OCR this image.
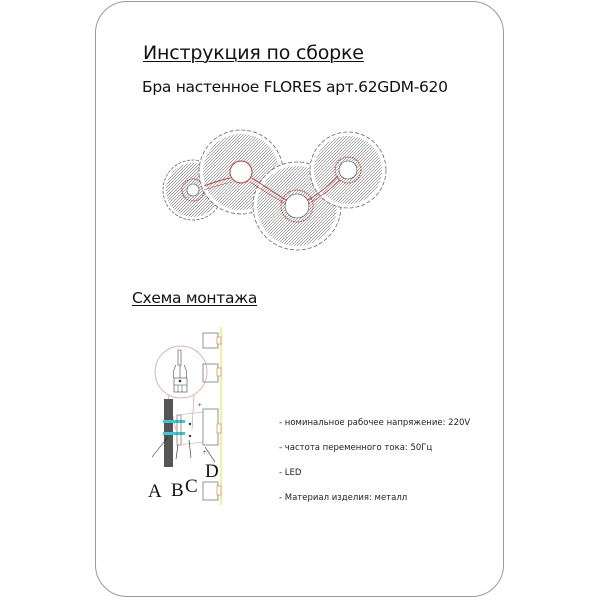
Инструкция по сборке
Бра настенное FLORES арт.62GDM-620
Схема монтажа
+
+
A B C
D
- номинальное рабочее напряжение: 220V
- частота переменного тока: 50Гц
- LED
- Материал изделия: металл
